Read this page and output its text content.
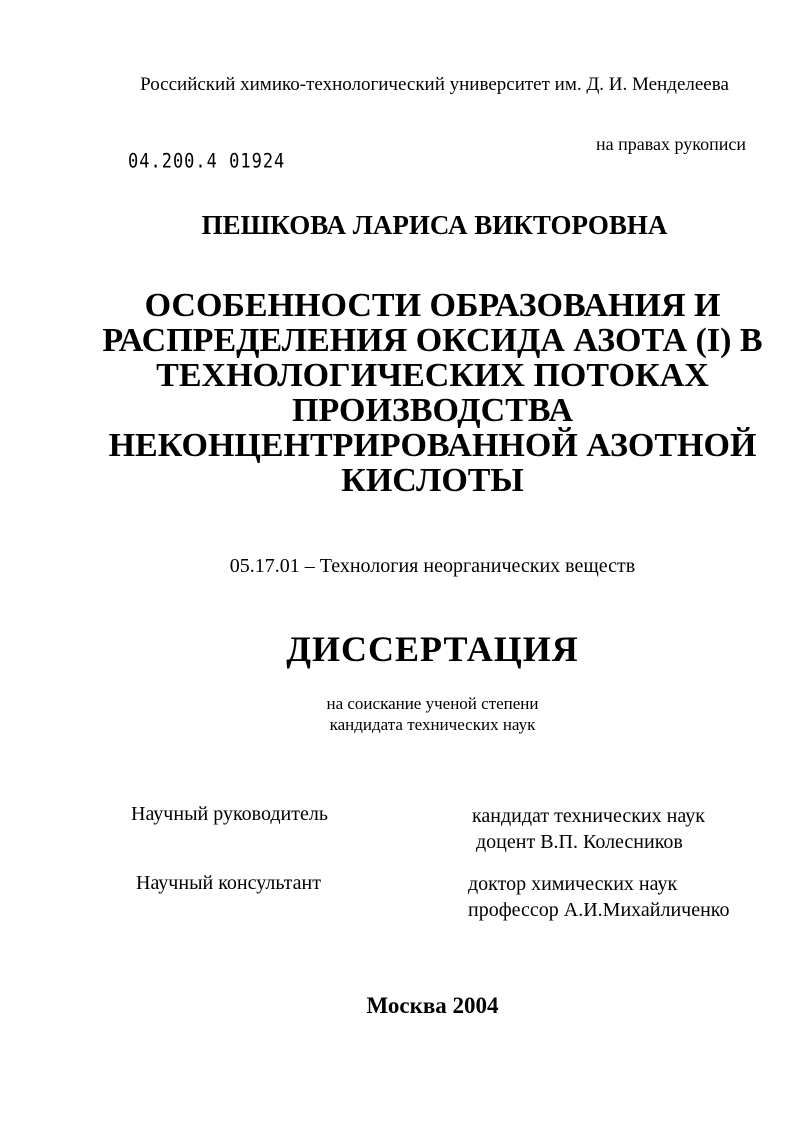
Российский химико-технологический университет им. Д. И. Менделеева
04.200.4 01924
на правах рукописи
ПЕШКОВА ЛАРИСА ВИКТОРОВНА
ОСОБЕННОСТИ ОБРАЗОВАНИЯ И
РАСПРЕДЕЛЕНИЯ ОКСИДА АЗОТА (I) В
ТЕХНОЛОГИЧЕСКИХ ПОТОКАХ
ПРОИЗВОДСТВА
НЕКОНЦЕНТРИРОВАННОЙ АЗОТНОЙ
КИСЛОТЫ
05.17.01 – Технология неорганических веществ
ДИССЕРТАЦИЯ
на соискание ученой степени
кандидата технических наук
Научный руководитель	кандидат технических наук
доцент В.П. Колесников
Научный консультант	доктор химических наук
профессор А.И.Михайличенко
Москва 2004
